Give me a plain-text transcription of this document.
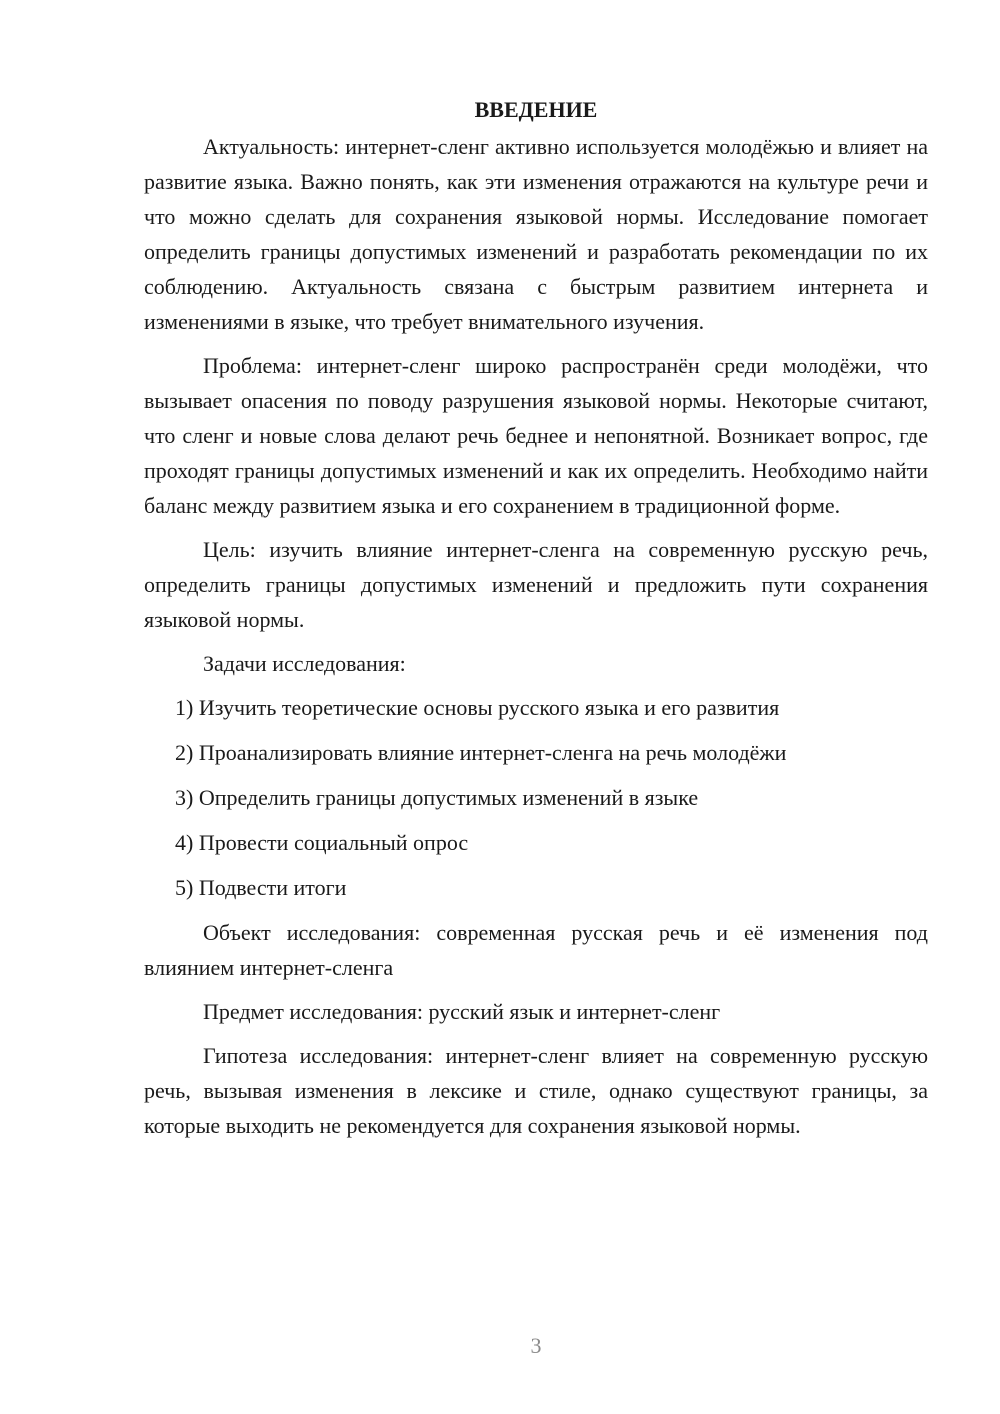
ВВЕДЕНИЕ

Актуальность: интернет-сленг активно используется молодёжью и влияет на развитие языка. Важно понять, как эти изменения отражаются на культуре речи и что можно сделать для сохранения языковой нормы. Исследование помогает определить границы допустимых изменений и разработать рекомендации по их соблюдению. Актуальность связана с быстрым развитием интернета и изменениями в языке, что требует внимательного изучения.

Проблема: интернет-сленг широко распространён среди молодёжи, что вызывает опасения по поводу разрушения языковой нормы. Некоторые считают, что сленг и новые слова делают речь беднее и непонятной. Возникает вопрос, где проходят границы допустимых изменений и как их определить. Необходимо найти баланс между развитием языка и его сохранением в традиционной форме.

Цель: изучить влияние интернет-сленга на современную русскую речь, определить границы допустимых изменений и предложить пути сохранения языковой нормы.

Задачи исследования:

1) Изучить теоретические основы русского языка и его развития
2) Проанализировать влияние интернет-сленга на речь молодёжи
3) Определить границы допустимых изменений в языке
4) Провести социальный опрос
5) Подвести итоги

Объект исследования: современная русская речь и её изменения под влиянием интернет-сленга

Предмет исследования: русский язык и интернет-сленг

Гипотеза исследования: интернет-сленг влияет на современную русскую речь, вызывая изменения в лексике и стиле, однако существуют границы, за которые выходить не рекомендуется для сохранения языковой нормы.

3
